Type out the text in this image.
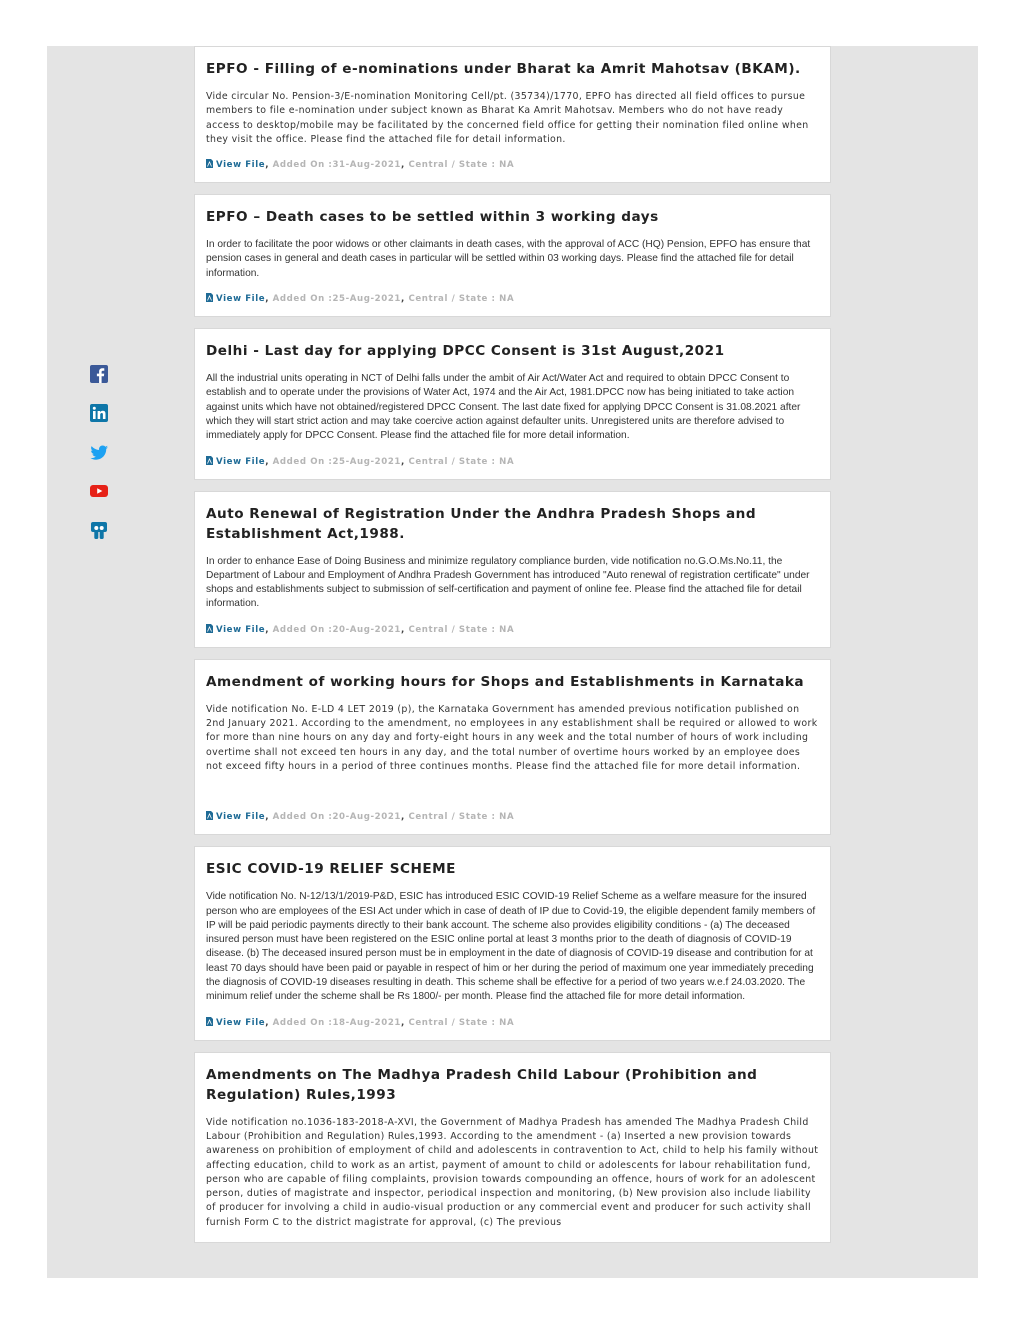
EPFO - Filling of e-nominations under Bharat ka Amrit Mahotsav (BKAM).

Vide circular No. Pension-3/E-nomination Monitoring Cell/pt. (35734)/1770, EPFO has directed all field offices to pursue members to file e-nomination under subject known as Bharat Ka Amrit Mahotsav. Members who do not have ready access to desktop/mobile may be facilitated by the concerned field office for getting their nomination filed online when they visit the office. Please find the attached file for detail information.

View File, Added On :31-Aug-2021, Central / State : NA
EPFO – Death cases to be settled within 3 working days

In order to facilitate the poor widows or other claimants in death cases, with the approval of ACC (HQ) Pension, EPFO has ensure that pension cases in general and death cases in particular will be settled within 03 working days. Please find the attached file for detail information.

View File, Added On :25-Aug-2021, Central / State : NA
Delhi - Last day for applying DPCC Consent is 31st August,2021

All the industrial units operating in NCT of Delhi falls under the ambit of Air Act/Water Act and required to obtain DPCC Consent to establish and to operate under the provisions of Water Act, 1974 and the Air Act, 1981.DPCC now has being initiated to take action against units which have not obtained/registered DPCC Consent. The last date fixed for applying DPCC Consent is 31.08.2021 after which they will start strict action and may take coercive action against defaulter units. Unregistered units are therefore advised to immediately apply for DPCC Consent. Please find the attached file for more detail information.

View File, Added On :25-Aug-2021, Central / State : NA
Auto Renewal of Registration Under the Andhra Pradesh Shops and Establishment Act,1988.

In order to enhance Ease of Doing Business and minimize regulatory compliance burden, vide notification no.G.O.Ms.No.11, the Department of Labour and Employment of Andhra Pradesh Government has introduced "Auto renewal of registration certificate" under shops and establishments subject to submission of self-certification and payment of online fee. Please find the attached file for detail information.

View File, Added On :20-Aug-2021, Central / State : NA
Amendment of working hours for Shops and Establishments in Karnataka

Vide notification No. E-LD 4 LET 2019 (p), the Karnataka Government has amended previous notification published on 2nd January 2021. According to the amendment, no employees in any establishment shall be required or allowed to work for more than nine hours on any day and forty-eight hours in any week and the total number of hours of work including overtime shall not exceed ten hours in any day, and the total number of overtime hours worked by an employee does not exceed fifty hours in a period of three continues months. Please find the attached file for more detail information.

View File, Added On :20-Aug-2021, Central / State : NA
ESIC COVID-19 RELIEF SCHEME

Vide notification No. N-12/13/1/2019-P&D, ESIC has introduced ESIC COVID-19 Relief Scheme as a welfare measure for the insured person who are employees of the ESI Act under which in case of death of IP due to Covid-19, the eligible dependent family members of IP will be paid periodic payments directly to their bank account. The scheme also provides eligibility conditions - (a) The deceased insured person must have been registered on the ESIC online portal at least 3 months prior to the death of diagnosis of COVID-19 disease. (b) The deceased insured person must be in employment in the date of diagnosis of COVID-19 disease and contribution for at least 70 days should have been paid or payable in respect of him or her during the period of maximum one year immediately preceding the diagnosis of COVID-19 diseases resulting in death. This scheme shall be effective for a period of two years w.e.f 24.03.2020. The minimum relief under the scheme shall be Rs 1800/- per month. Please find the attached file for more detail information.

View File, Added On :18-Aug-2021, Central / State : NA
Amendments on The Madhya Pradesh Child Labour (Prohibition and Regulation) Rules,1993

Vide notification no.1036-183-2018-A-XVI, the Government of Madhya Pradesh has amended The Madhya Pradesh Child Labour (Prohibition and Regulation) Rules,1993. According to the amendment - (a) Inserted a new provision towards awareness on prohibition of employment of child and adolescents in contravention to Act, child to help his family without affecting education, child to work as an artist, payment of amount to child or adolescents for labour rehabilitation fund, person who are capable of filing complaints, provision towards compounding an offence, hours of work for an adolescent person, duties of magistrate and inspector, periodical inspection and monitoring, (b) New provision also include liability of producer for involving a child in audio-visual production or any commercial event and producer for such activity shall furnish Form C to the district magistrate for approval, (c) The previous
